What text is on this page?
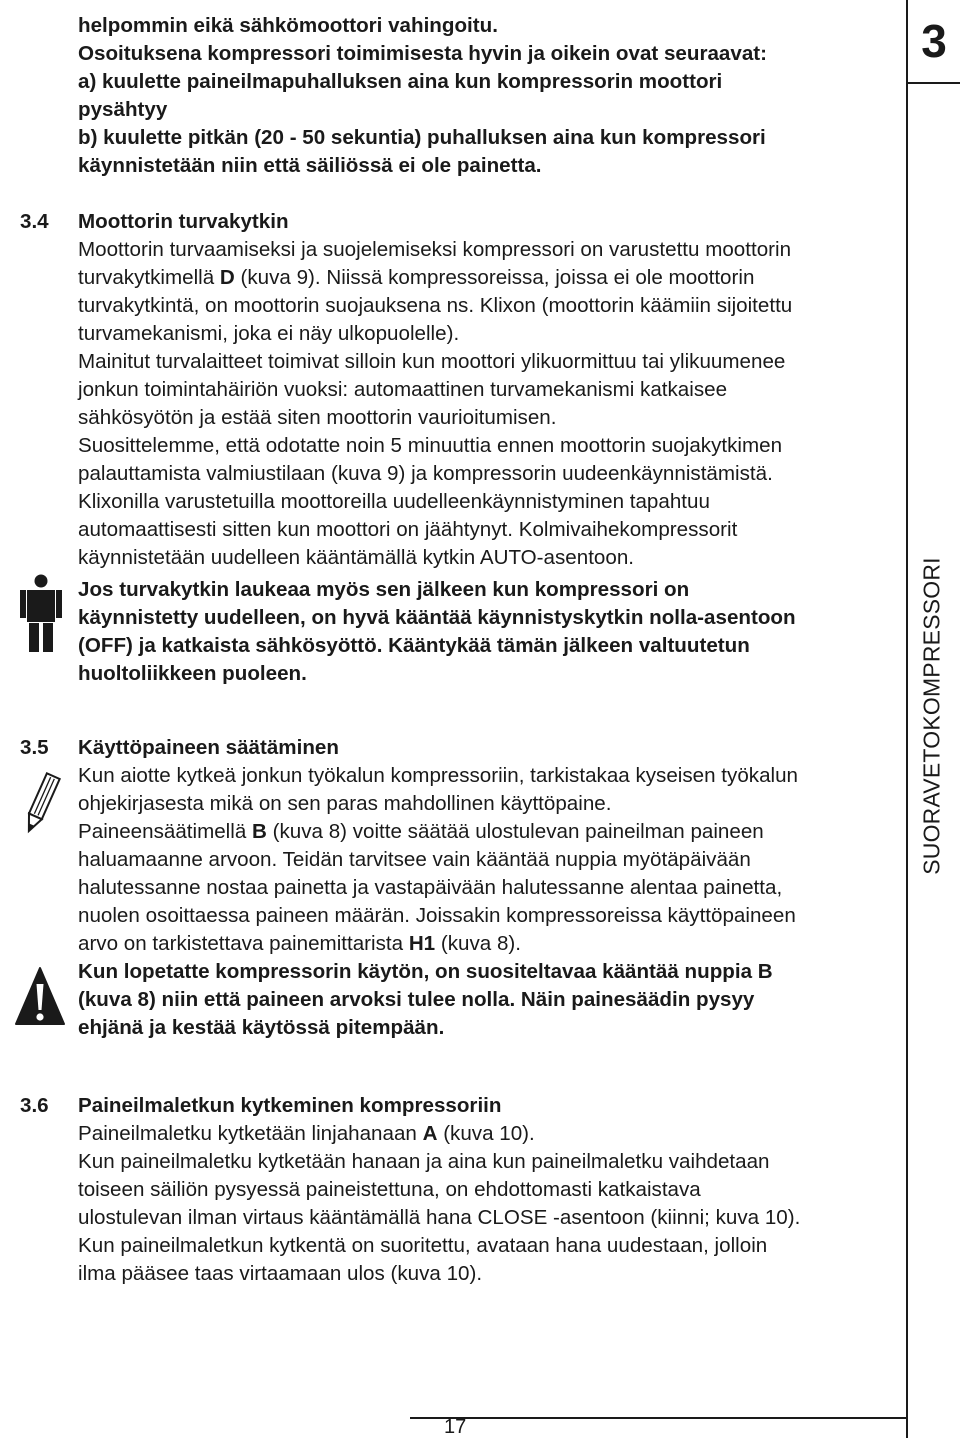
3
SUORAVETOKOMPRESSORI
17
helpommin eikä sähkömoottori vahingoitu.
Osoituksena kompressori toimimisesta hyvin ja oikein ovat seuraavat:
a) kuulette paineilmapuhalluksen aina kun kompressorin moottori
pysähtyy
b) kuulette pitkän (20 - 50 sekuntia) puhalluksen aina kun kompressori
käynnistetään niin että säiliössä ei ole painetta.
3.4 Moottorin turvakytkin
Moottorin turvaamiseksi ja suojelemiseksi kompressori on varustettu moottorin
turvakytkimellä D (kuva 9). Niissä kompressoreissa, joissa ei ole moottorin
turvakytkintä, on moottorin suojauksena ns. Klixon (moottorin käämiin sijoitettu
turvamekanismi, joka ei näy ulkopuolelle).
Mainitut turvalaitteet toimivat silloin kun moottori ylikuormittuu tai ylikuumenee
jonkun toimintahäiriön vuoksi: automaattinen turvamekanismi katkaisee
sähkösyötön ja estää siten moottorin vaurioitumisen.
Suosittelemme, että odotatte noin 5 minuuttia ennen moottorin suojakytkimen
palauttamista valmiustilaan (kuva 9) ja kompressorin uudeenkäynnistämistä.
Klixonilla varustetuilla moottoreilla uudelleenkäynnistyminen tapahtuu
automaattisesti sitten kun moottori on jäähtynyt. Kolmivaihekompressorit
käynnistetään uudelleen kääntämällä kytkin AUTO-asentoon.
Jos turvakytkin laukeaa myös sen jälkeen kun kompressori on
käynnistetty uudelleen, on hyvä kääntää käynnistyskytkin nolla-asentoon
(OFF) ja katkaista sähkösyöttö. Kääntykää tämän jälkeen valtuutetun
huoltoliikkeen puoleen.
3.5 Käyttöpaineen säätäminen
Kun aiotte kytkeä jonkun työkalun kompressoriin, tarkistakaa kyseisen työkalun
ohjekirjasesta mikä on sen paras mahdollinen käyttöpaine.
Paineensäätimellä B (kuva 8) voitte säätää ulostulevan paineilman paineen
haluamaanne arvoon. Teidän tarvitsee vain kääntää nuppia myötäpäivään
halutessanne nostaa painetta ja vastapäivään halutessanne alentaa painetta,
nuolen osoittaessa paineen määrän. Joissakin kompressoreissa käyttöpaineen
arvo on tarkistettava painemittarista H1 (kuva 8).
Kun lopetatte kompressorin käytön, on suositeltavaa kääntää nuppia B
(kuva 8) niin että paineen arvoksi tulee nolla. Näin painesäädin pysyy
ehjänä ja kestää käytössä pitempään.
3.6 Paineilmaletkun kytkeminen kompressoriin
Paineilmaletku kytketään linjahanaan A (kuva 10).
Kun paineilmaletku kytketään hanaan ja aina kun paineilmaletku vaihdetaan
toiseen säiliön pysyessä paineistettuna, on ehdottomasti katkaistava
ulostulevan ilman virtaus kääntämällä hana CLOSE -asentoon (kiinni; kuva 10).
Kun paineilmaletkun kytkentä on suoritettu, avataan hana uudestaan, jolloin
ilma pääsee taas virtaamaan ulos (kuva 10).
